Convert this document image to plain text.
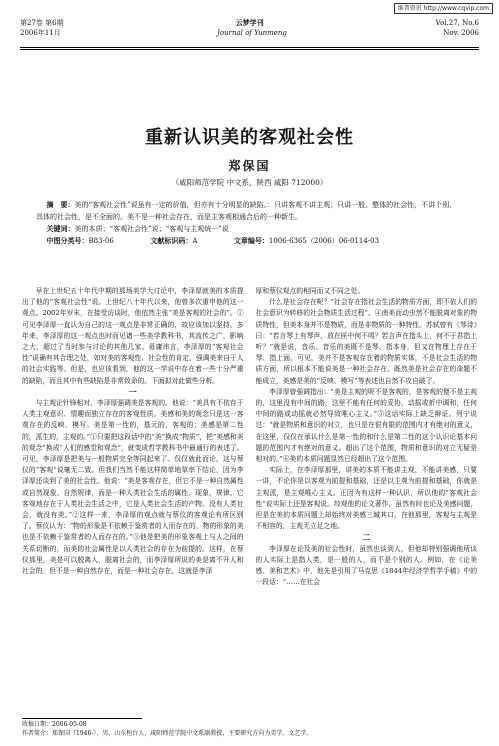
维普资讯 http://www.cqvip.com
第27卷 第6期	云梦学刊	Vol.27, No.6
2006年11月	Journal of Yunmeng	Nov. 2006
重新认识美的客观社会性
郑保国
（咸阳师范学院 中文系，陕西 咸阳 712000）

摘　要：美的“客观社会性”说虽有一定的价值，但亦有十分明显的缺陷。：只讲客观不讲主观；只讲一般、整体的社会性，不讲个别、具体的社会性，是不全面的。美不是一种社会存在，而是主客观相通合后的一种新生。

关键词：美的本质；“客观社会性”说；“客观与主观统一”说

中图分类号：B83-06	文献标识码：A	文章编号：1006-6365（2006）06-0114-03

早在上世纪五十年代中期的那场美学大讨论中，李泽厚就美的本质提出了他的“客观社会性”说。上世纪八十年代以来，他曾多次重申他的这一观点。2002年岁末，在接受访谈时，他依然主张“美是客观的社会的”。①可见李泽厚一直认为自己的这一观点是非常正确的，故应该加以坚持。多年来，李泽厚的这一观点也时而见诸一些美学教科书，其流传之广，影响之大，超过了当时参与讨论的其他几家。毋庸讳言，李泽厚的“客观社会性”说确有其合理之处，如对美的客观性、社会性的肯定，强调美来自于人的社会实践等。但是，也应该看到，他的这一学说中存在着一些十分严重的缺陷，而且其中有些缺陷是非常致命的。下面拟对此做些分析。

一

与主观论针锋相对，李泽厚强调美是客观的。他说：“美具有不依存于人类主观意识、情趣而独立存在的客观性质。美感和美的观念只是这一客观存在的反映、模写。美是第一性的，基元的，客观的；美感是第二性的，派生的，主观的。”①只要把这段话中的“美”换成“物质”，把“美感和美的观念”换成“人们的感觉和观念”，就变成哲学教科书中最通行的表述了。可见，李泽厚是把美与一般物质完全等同起来了。仅仅就此而论，这与蔡仪的“客观”说毫无二致。但我们当然不能这样简单地草率下结论，因为李泽厚还谈到了美的社会性。他说：“美是客观存在，但它不是一种自然属性或自然现象、自然规律，而是一种人类社会生活的属性、现象、规律。它客观地存在于人类社会生活之中，它是人类社会生活的产物。没有人类社会，就没有美。”②这样一来，李泽厚的观点就与蔡仪的客观论有所区别了。蔡仪认为：“物的形象是不依赖于鉴赏者的人而存在的，物的形象的美也是不依赖于鉴赏者的人而存在的。”③他是把美的形象客观上与人之间的关系切断的，而美的社会属性是以人类社会的存在为前提的。这样，在蔡仪那里，美是可以脱离人、脱离社会的，而李泽厚所说的美是离不开人和社会的。但不是一种自然存在，而是一种社会存在。这就是李泽

厚和蔡仪观点的相同而又不同之处。

什么是社会存在呢？“社会存在指社会生活的物质方面，即不依人们的社会意识为转移的社会物质生活过程”。④南美而动虫然不能脱离对象的物质特性，但美本身并不是物质，而是非物质的一种特性。苏轼曾有《琴诗》曰：“若言琴上有琴声，放在匣中何不鸣？若言声在指头上，何不于君指上听？”就是说，音乐、音乐的美既不是琴、指本身，但又在物理上存在于琴、指上面。可见，美并不是客观存在着的物质实体，不是社会生活的物质方面，所以根本不能说美是一种社会存在。既然美是社会存在的命题不能成立，美感是美的“反映、模写”等表述也自然不攻自破了。

李泽厚曾强调指出：“美是主观的呢不是客观的，是客观的便不是主观的，这里没有中间的路，这里不能有任何的妥协，动摇或折中调和，任何中间的路或动摇就必然导致唯心主义。”⑤这话实际上缺乏辩证。列宁说过：“就是物质和意识的对立，也只是在很有限的范围内才有绝对的意义，在这里，仅仅在承认什么是第一性的和什么是第二性的这个认识论基本问题的范围内才有绝对的意义。超出了这个范围，物质和意识的对立无疑是相对的。”⑥美的本质问题显然已经超出了这个范围。

实际上，在李泽厚那里，讲美的本质不能讲主观，不能讲美感，只要一讲，不论你是以客观为前提和基础，还是以主观为前提和基础，你就是主观派，是主观唯心主义。正因为有这样一种认识，所以他的“客观社会性”说实际上还是客观说。综观他的论文著作，虽然有时也论及美感问题，但是在美的本质问题上却始终对美感三缄其口，在他那里，客观与主观是不相容的，主观无立足之地。

二

李泽厚在论及美的社会性时，虽然也谈到人，但他却特别强调他所谈的人实际上是指人类，是一般的人，而不是个别的人。例如，在《论美感、美和艺术》中，他先是引用了马克思《1844年经济学哲学手稿》中的一段话：“……在社会

收稿日期：2006-05-08
作者简介：郑保国（1946-），男，山东桓台人，咸阳师范学院中文系副教授，主要研究方向为美学、文艺学。
